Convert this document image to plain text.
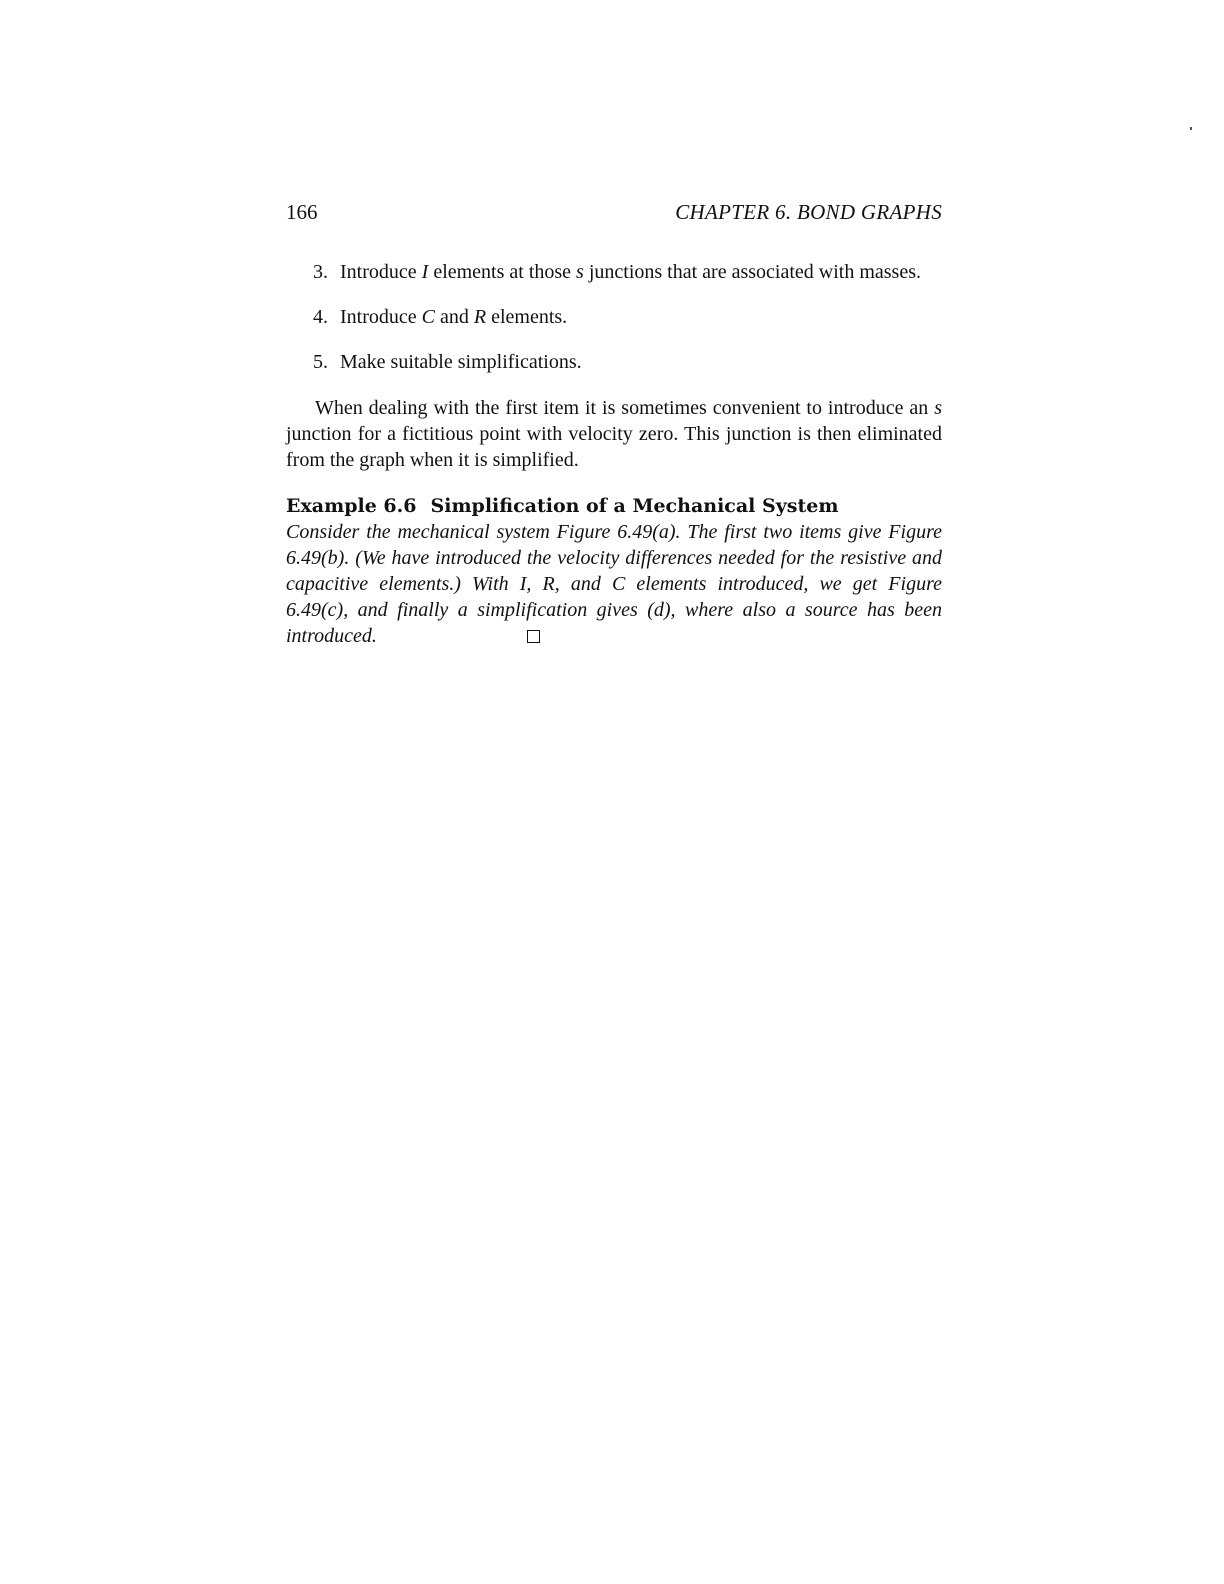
166	CHAPTER 6. BOND GRAPHS
3. Introduce I elements at those s junctions that are associated with masses.
4. Introduce C and R elements.
5. Make suitable simplifications.

When dealing with the first item it is sometimes convenient to introduce an s junction for a fictitious point with velocity zero. This junction is then eliminated from the graph when it is simplified.

Example 6.6 Simplification of a Mechanical System

Consider the mechanical system Figure 6.49(a). The first two items give Figure 6.49(b). (We have introduced the velocity differences needed for the resistive and capacitive elements.) With I, R, and C elements introduced, we get Figure 6.49(c), and finally a simplification gives (d), where also a source has been introduced.
